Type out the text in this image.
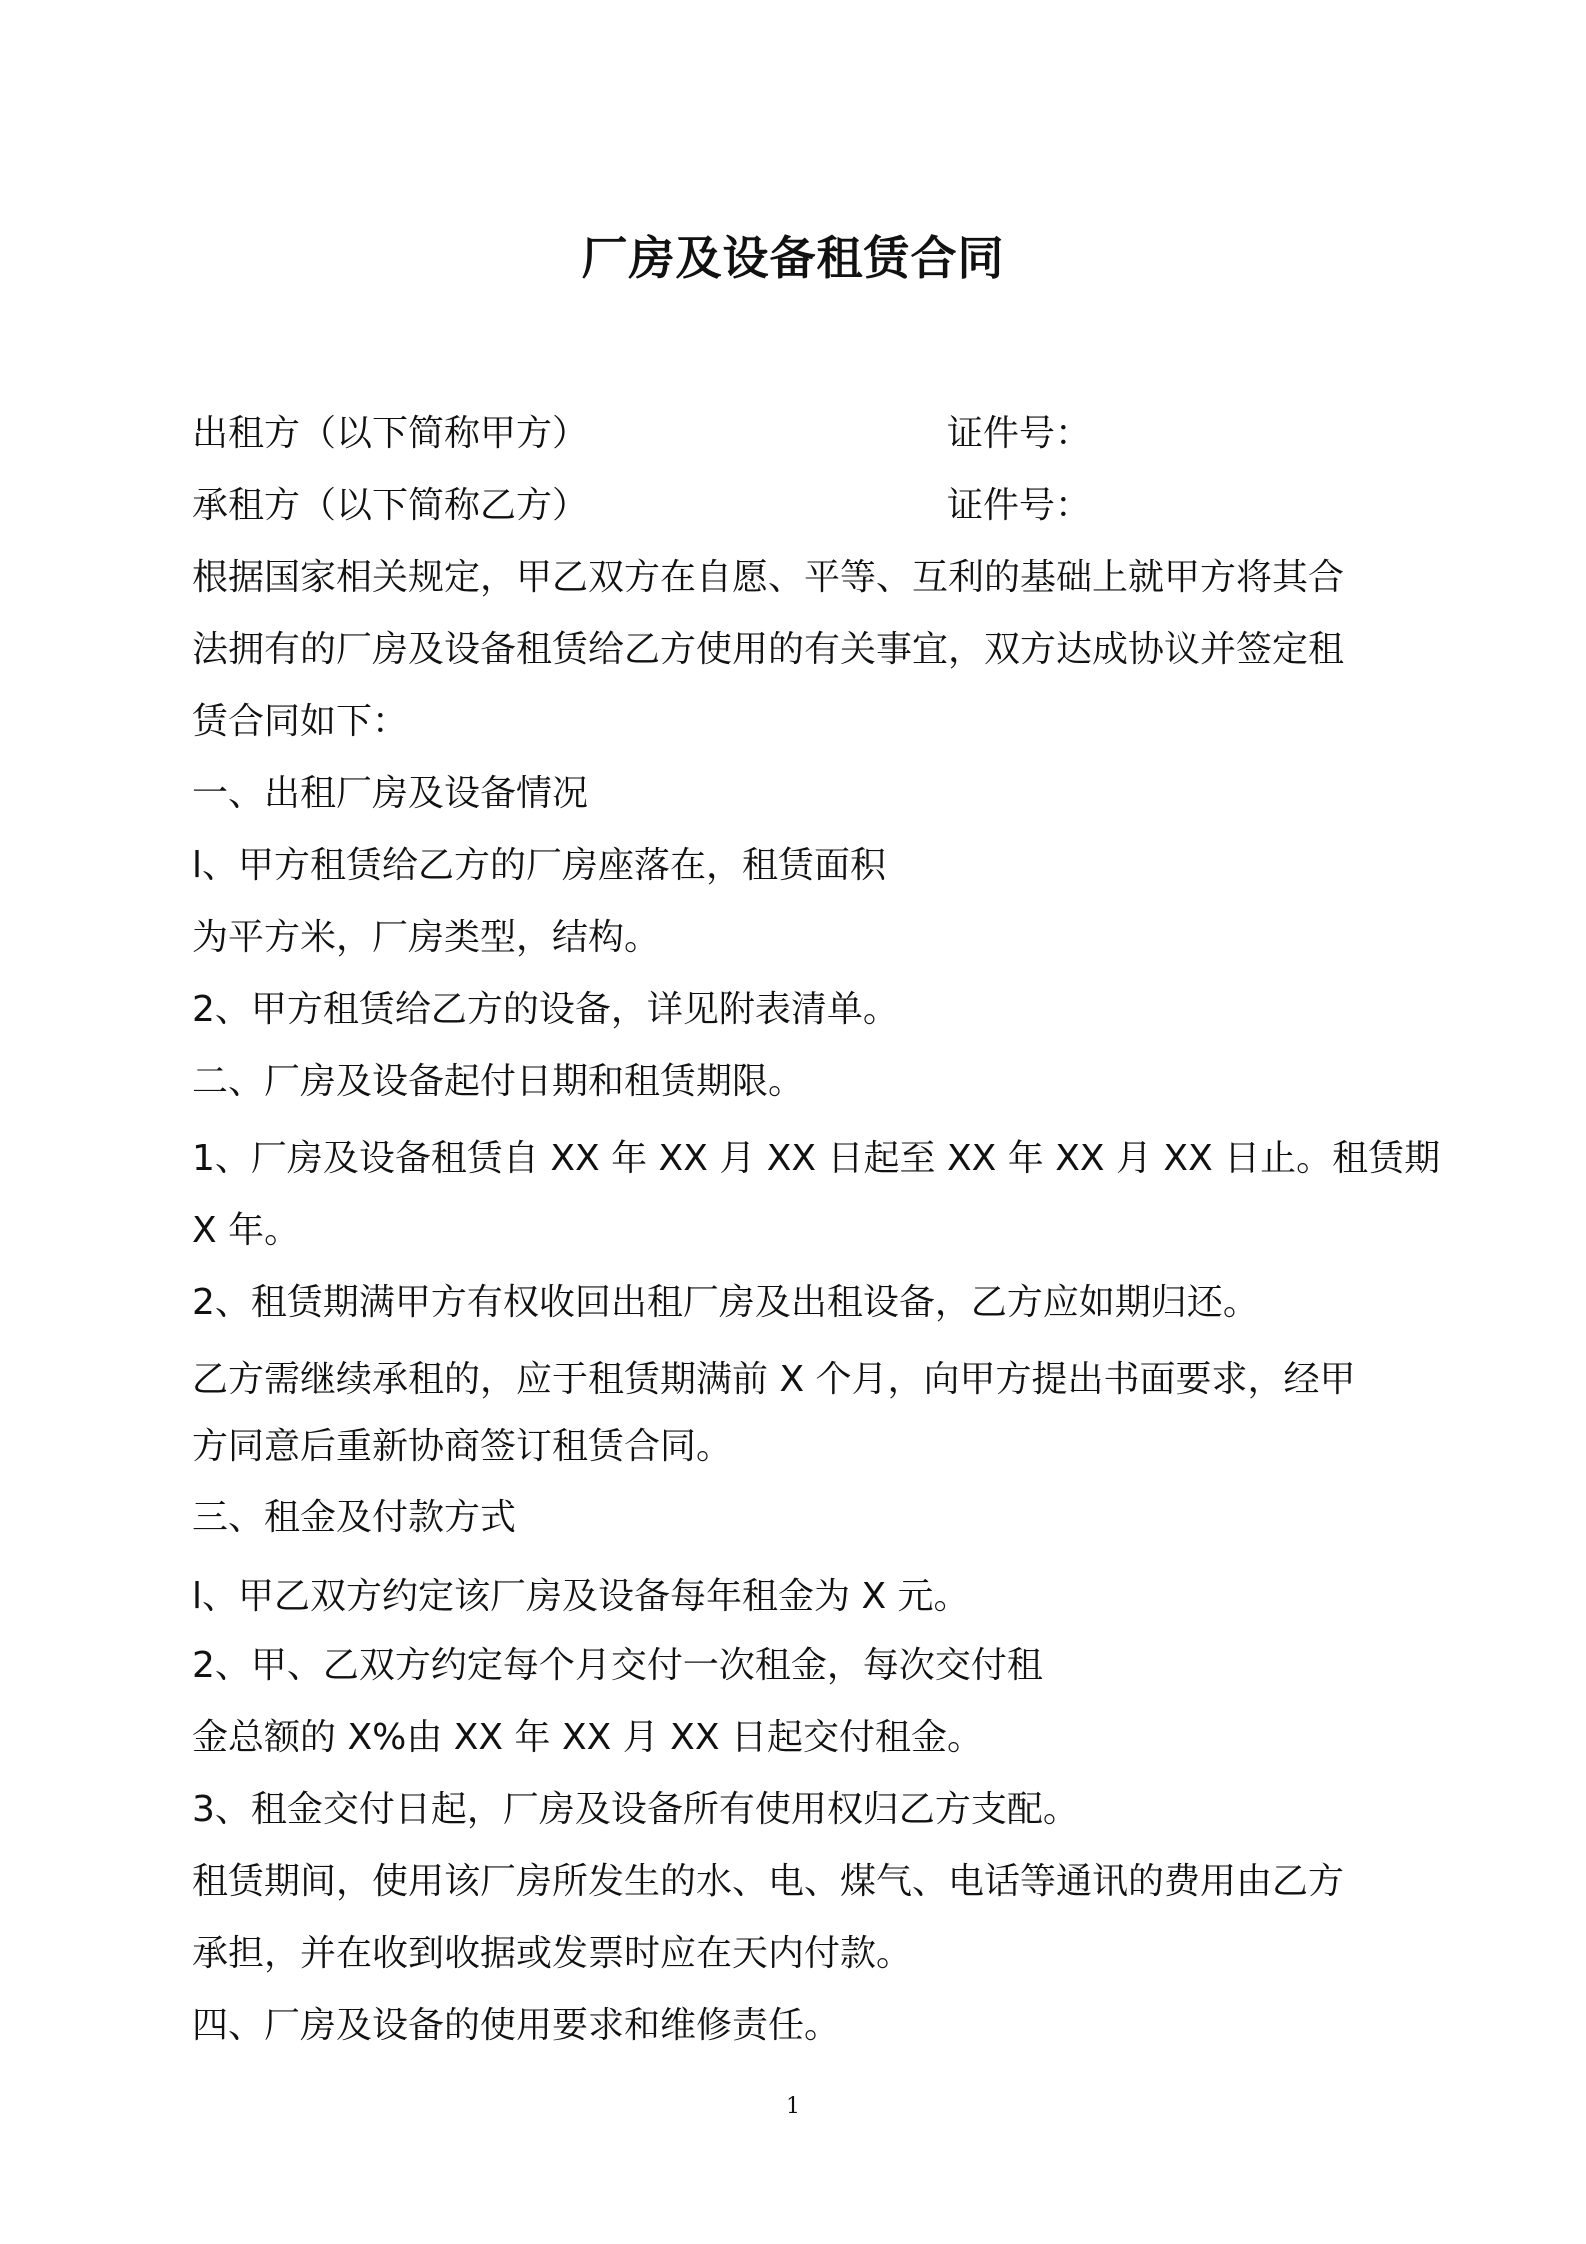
厂房及设备租赁合同

出租方（以下简称甲方）	证件号：

承租方（以下简称乙方）	证件号：

根据国家相关规定，甲乙双方在自愿、平等、互利的基础上就甲方将其合

法拥有的厂房及设备租赁给乙方使用的有关事宜，双方达成协议并签定租

赁合同如下：

一、出租厂房及设备情况

l、甲方租赁给乙方的厂房座落在，租赁面积

为平方米，厂房类型，结构。

2、甲方租赁给乙方的设备，详见附表清单。

二、厂房及设备起付日期和租赁期限。

1、厂房及设备租赁自 XX 年 XX 月 XX 日起至 XX 年 XX 月 XX 日止。租赁期

X 年。

2、租赁期满甲方有权收回出租厂房及出租设备，乙方应如期归还。

乙方需继续承租的，应于租赁期满前 X 个月，向甲方提出书面要求，经甲

方同意后重新协商签订租赁合同。

三、租金及付款方式

l、甲乙双方约定该厂房及设备每年租金为 X 元。

2、甲、乙双方约定每个月交付一次租金，每次交付租

金总额的 X%由 XX 年 XX 月 XX 日起交付租金。

3、租金交付日起，厂房及设备所有使用权归乙方支配。

租赁期间，使用该厂房所发生的水、电、煤气、电话等通讯的费用由乙方

承担，并在收到收据或发票时应在天内付款。

四、厂房及设备的使用要求和维修责任。

1
